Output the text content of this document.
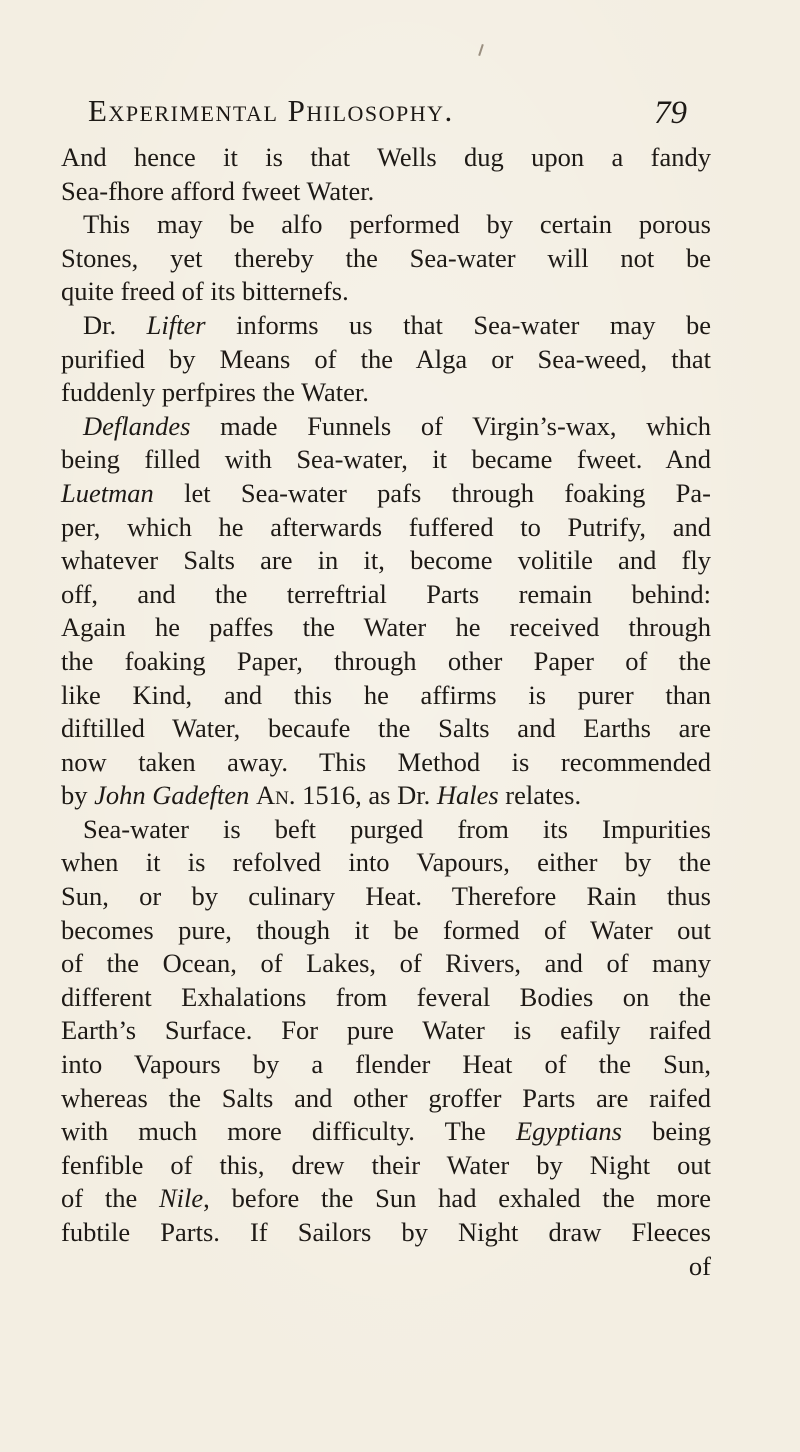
Experimental Philosophy.	79
And hence it is that Wells dug upon a fandy
Sea-fhore afford fweet Water.
This may be alfo performed by certain porous
Stones, yet thereby the Sea-water will not be
quite freed of its bitternefs.
Dr. Lifter informs us that Sea-water may be
purified by Means of the Alga or Sea-weed, that
fuddenly perfpires the Water.
Deflandes made Funnels of Virgin’s-wax, which
being filled with Sea-water, it became fweet. And
Luetman let Sea-water pafs through foaking Pa-
per, which he afterwards fuffered to Putrify, and
whatever Salts are in it, become volitile and fly
off, and the terreftrial Parts remain behind:
Again he paffes the Water he received through
the foaking Paper, through other Paper of the
like Kind, and this he affirms is purer than
diftilled Water, becaufe the Salts and Earths are
now taken away. This Method is recommended
by John Gadeften An. 1516, as Dr. Hales relates.
Sea-water is beft purged from its Impurities
when it is refolved into Vapours, either by the
Sun, or by culinary Heat. Therefore Rain thus
becomes pure, though it be formed of Water out
of the Ocean, of Lakes, of Rivers, and of many
different Exhalations from feveral Bodies on the
Earth’s Surface. For pure Water is eafily raifed
into Vapours by a flender Heat of the Sun,
whereas the Salts and other groffer Parts are raifed
with much more difficulty. The Egyptians being
fenfible of this, drew their Water by Night out
of the Nile, before the Sun had exhaled the more
fubtile Parts. If Sailors by Night draw Fleeces
of
